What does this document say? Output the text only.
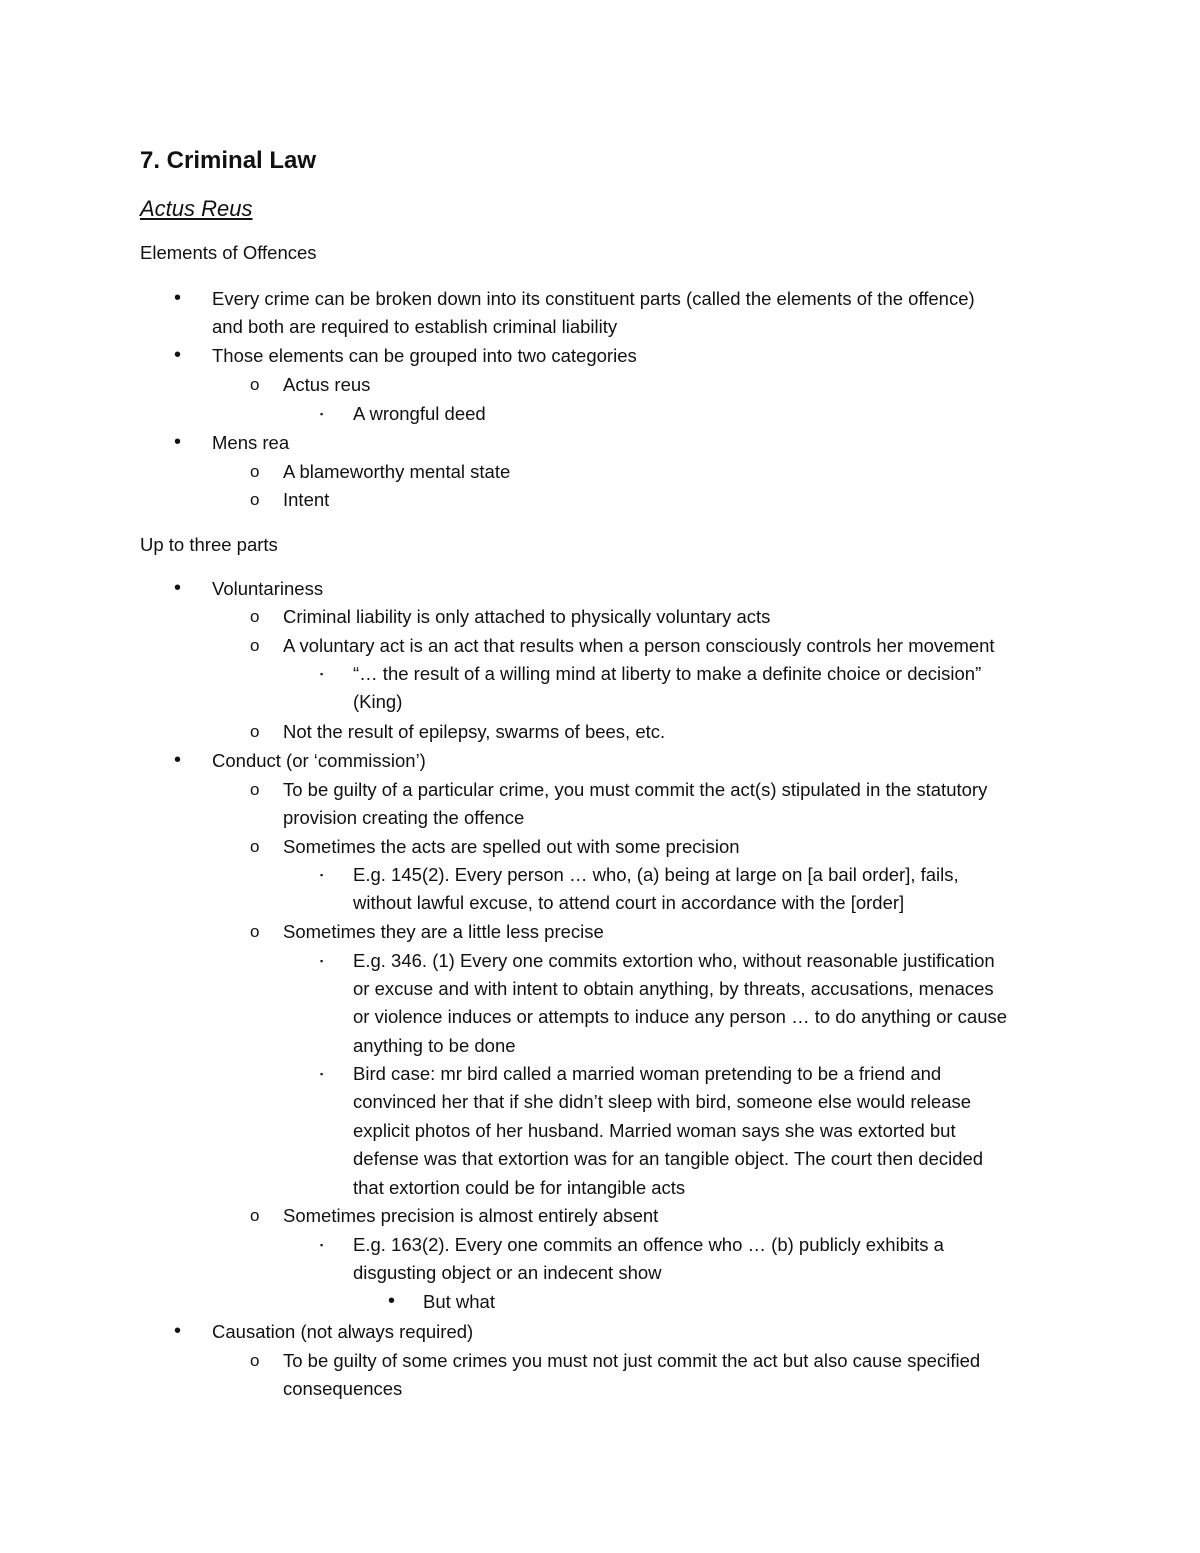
7. Criminal Law
Actus Reus
Elements of Offences
• Every crime can be broken down into its constituent parts (called the elements of the offence)
and both are required to establish criminal liability
• Those elements can be grouped into two categories
o Actus reus
▪ A wrongful deed
• Mens rea
o A blameworthy mental state
o Intent
Up to three parts
• Voluntariness
o Criminal liability is only attached to physically voluntary acts
o A voluntary act is an act that results when a person consciously controls her movement
▪ “… the result of a willing mind at liberty to make a definite choice or decision”
(King)
o Not the result of epilepsy, swarms of bees, etc.
• Conduct (or ‘commission’)
o To be guilty of a particular crime, you must commit the act(s) stipulated in the statutory
provision creating the offence
o Sometimes the acts are spelled out with some precision
▪ E.g. 145(2). Every person … who, (a) being at large on [a bail order], fails,
without lawful excuse, to attend court in accordance with the [order]
o Sometimes they are a little less precise
▪ E.g. 346. (1) Every one commits extortion who, without reasonable justification
or excuse and with intent to obtain anything, by threats, accusations, menaces
or violence induces or attempts to induce any person … to do anything or cause
anything to be done
▪ Bird case: mr bird called a married woman pretending to be a friend and
convinced her that if she didn’t sleep with bird, someone else would release
explicit photos of her husband. Married woman says she was extorted but
defense was that extortion was for an tangible object. The court then decided
that extortion could be for intangible acts
o Sometimes precision is almost entirely absent
▪ E.g. 163(2). Every one commits an offence who … (b) publicly exhibits a
disgusting object or an indecent show
• But what
• Causation (not always required)
o To be guilty of some crimes you must not just commit the act but also cause specified
consequences
